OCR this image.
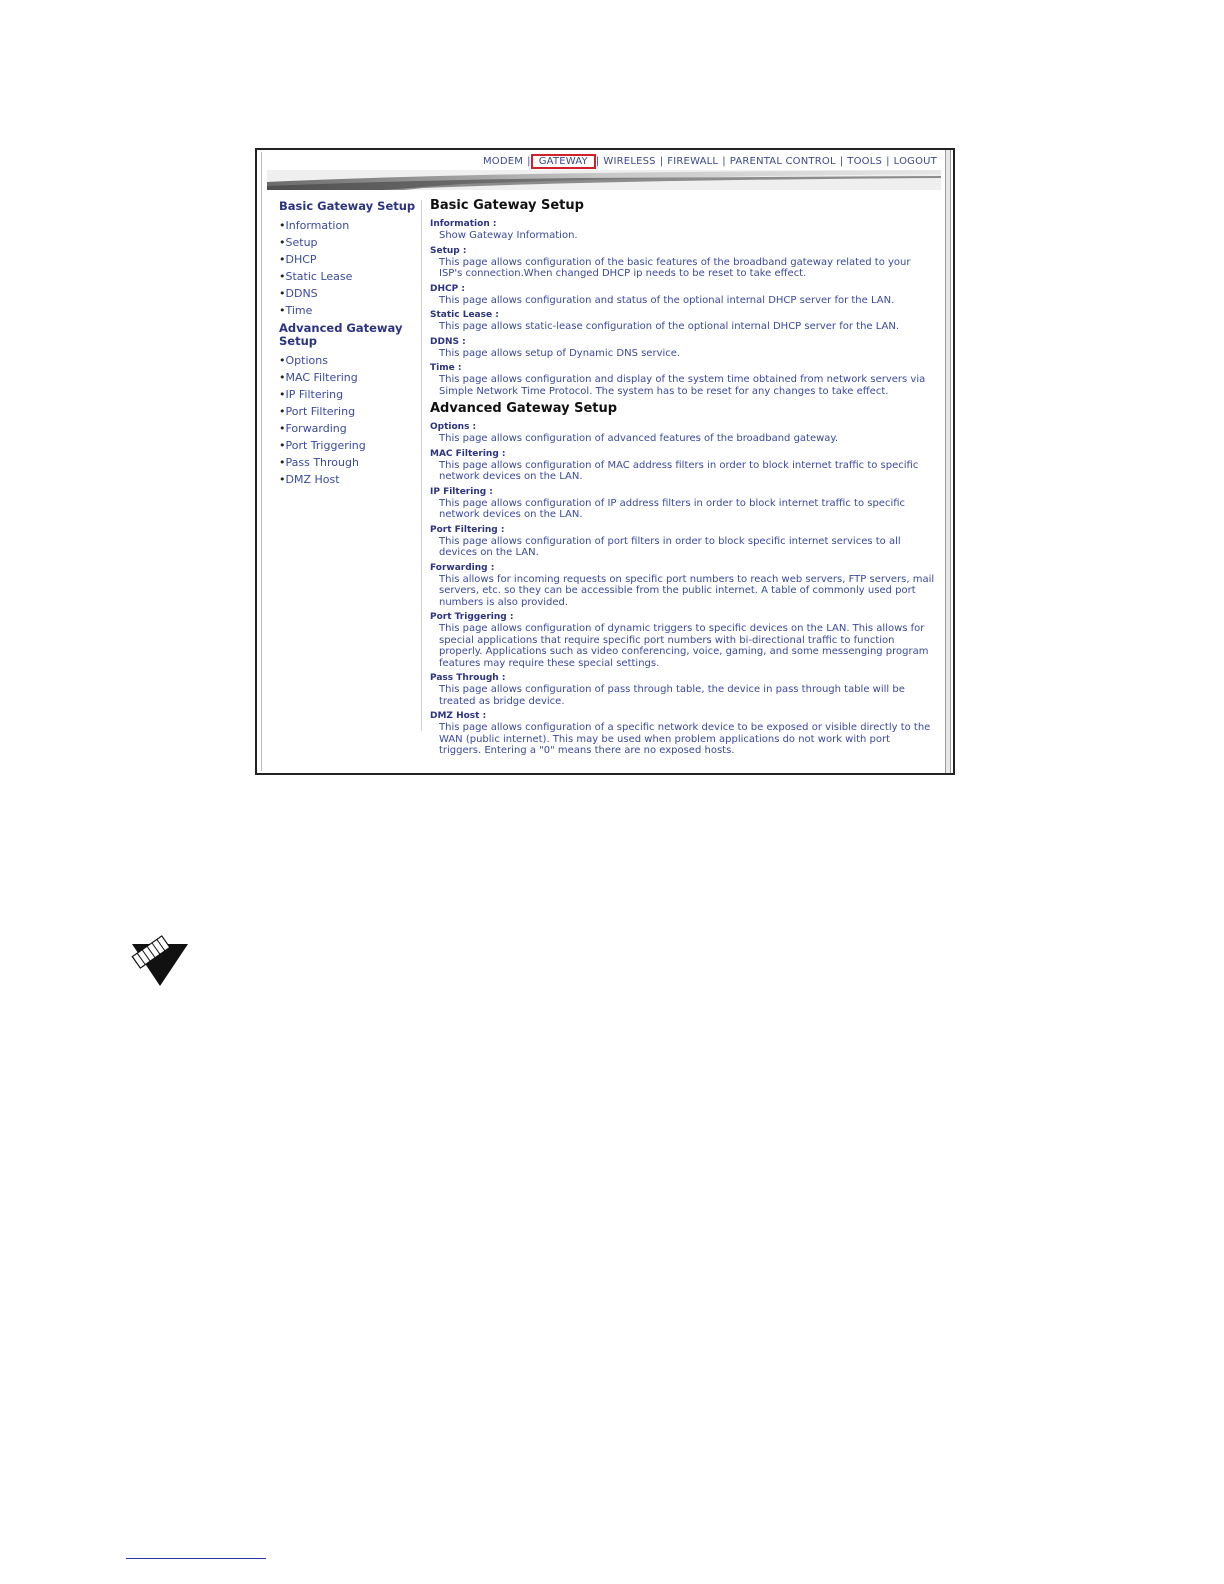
MODEM | GATEWAY | WIRELESS | FIREWALL | PARENTAL CONTROL | TOOLS | LOGOUT
Basic Gateway Setup
•Information
•Setup
•DHCP
•Static Lease
•DDNS
•Time
Advanced Gateway Setup
•Options
•MAC Filtering
•IP Filtering
•Port Filtering
•Forwarding
•Port Triggering
•Pass Through
•DMZ Host
Basic Gateway Setup
Information :
Show Gateway Information.
Setup :
This page allows configuration of the basic features of the broadband gateway related to your ISP's connection.When changed DHCP ip needs to be reset to take effect.
DHCP :
This page allows configuration and status of the optional internal DHCP server for the LAN.
Static Lease :
This page allows static-lease configuration of the optional internal DHCP server for the LAN.
DDNS :
This page allows setup of Dynamic DNS service.
Time :
This page allows configuration and display of the system time obtained from network servers via Simple Network Time Protocol. The system has to be reset for any changes to take effect.
Advanced Gateway Setup
Options :
This page allows configuration of advanced features of the broadband gateway.
MAC Filtering :
This page allows configuration of MAC address filters in order to block internet traffic to specific network devices on the LAN.
IP Filtering :
This page allows configuration of IP address filters in order to block internet traffic to specific network devices on the LAN.
Port Filtering :
This page allows configuration of port filters in order to block specific internet services to all devices on the LAN.
Forwarding :
This allows for incoming requests on specific port numbers to reach web servers, FTP servers, mail servers, etc. so they can be accessible from the public internet. A table of commonly used port numbers is also provided.
Port Triggering :
This page allows configuration of dynamic triggers to specific devices on the LAN. This allows for special applications that require specific port numbers with bi-directional traffic to function properly. Applications such as video conferencing, voice, gaming, and some messenging program features may require these special settings.
Pass Through :
This page allows configuration of pass through table, the device in pass through table will be treated as bridge device.
DMZ Host :
This page allows configuration of a specific network device to be exposed or visible directly to the WAN (public internet). This may be used when problem applications do not work with port triggers. Entering a "0" means there are no exposed hosts.
